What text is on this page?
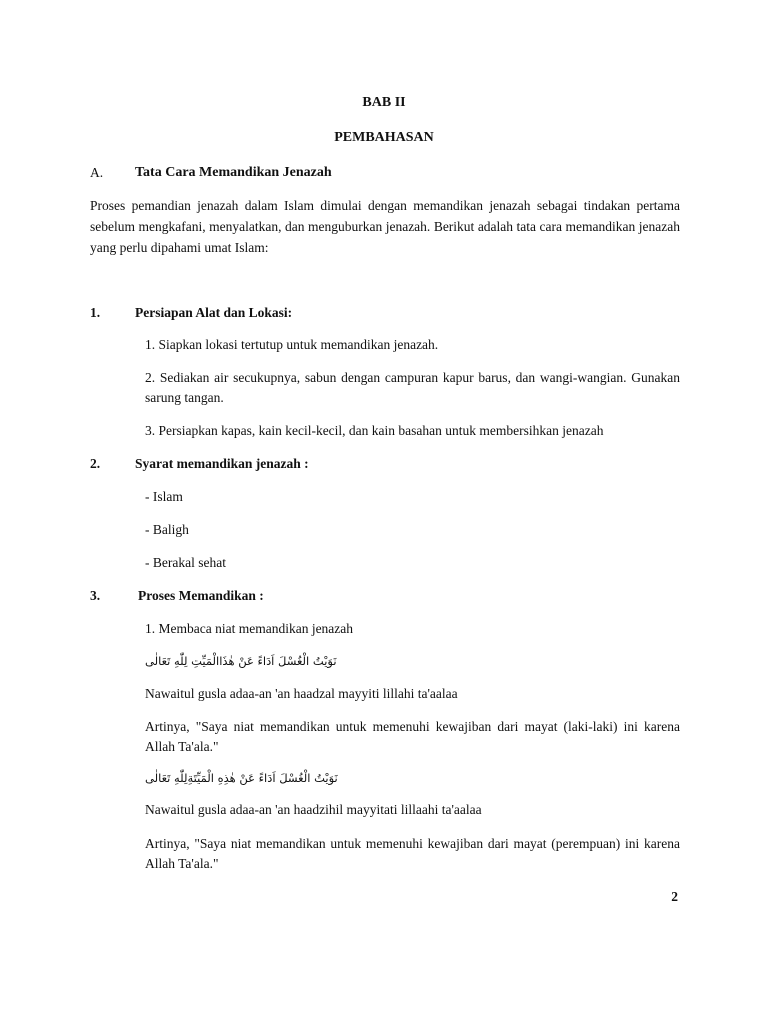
BAB II
PEMBAHASAN
A. Tata Cara Memandikan Jenazah
Proses pemandian jenazah dalam Islam dimulai dengan memandikan jenazah sebagai tindakan pertama sebelum mengkafani, menyalatkan, dan menguburkan jenazah. Berikut adalah tata cara memandikan jenazah yang perlu dipahami umat Islam:
1.	Persiapan Alat dan Lokasi:
1. Siapkan lokasi tertutup untuk memandikan jenazah.
2. Sediakan air secukupnya, sabun dengan campuran kapur barus, dan wangi-wangian. Gunakan sarung tangan.
3. Persiapkan kapas, kain kecil-kecil, dan kain basahan untuk membersihkan jenazah
2.	Syarat memandikan jenazah :
- Islam
- Baligh
- Berakal sehat
3.	Proses Memandikan :
1. Membaca niat memandikan jenazah
نَوَيْتُ الْغُسْلَ اَدَاءً عَنْ هٰذَاالْمَيِّتِ لِلّٰهِ تَعَالٰى
Nawaitul gusla adaa-an 'an haadzal mayyiti lillahi ta'aalaa
Artinya, "Saya niat memandikan untuk memenuhi kewajiban dari mayat (laki-laki) ini karena Allah Ta'ala."
نَوَيْتُ الْغُسْلَ اَدَاءً عَنْ هٰذِهِ الْمَيِّتَةِلِلّٰهِ تَعَالٰى
Nawaitul gusla adaa-an 'an haadzihil mayyitati lillaahi ta'aalaa
Artinya, "Saya niat memandikan untuk memenuhi kewajiban dari mayat (perempuan) ini karena Allah Ta'ala."
2
